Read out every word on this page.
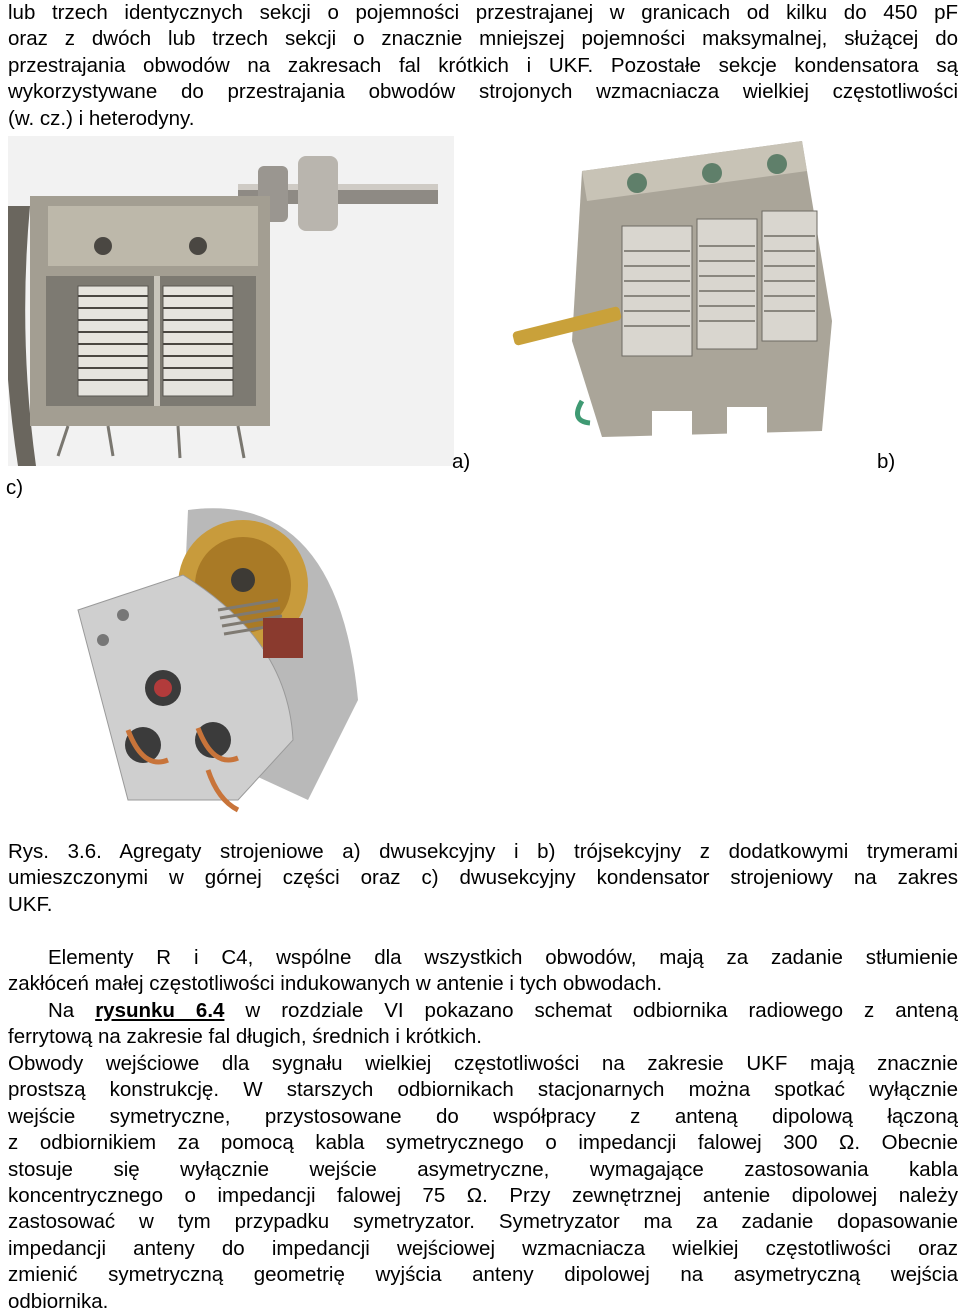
lub trzech identycznych sekcji o pojemności przestrajanej w granicach od kilku do 450 pF
oraz z dwóch lub trzech sekcji o znacznie mniejszej pojemności maksymalnej, służącej do
przestrajania obwodów na zakresach fal krótkich i UKF. Pozostałe sekcje kondensatora są
wykorzystywane do przestrajania obwodów strojonych wzmacniacza wielkiej częstotliwości
(w. cz.) i heterodyny.
a)	b)
c)
Rys. 3.6. Agregaty strojeniowe a) dwusekcyjny i b) trójsekcyjny z dodatkowymi trymerami
umieszczonymi w górnej części oraz c) dwusekcyjny kondensator strojeniowy na zakres
UKF.
Elementy R i C4, wspólne dla wszystkich obwodów, mają za zadanie stłumienie
zakłóceń małej częstotliwości indukowanych w antenie i tych obwodach.
Na rysunku 6.4 w rozdziale VI pokazano schemat odbiornika radiowego z anteną
ferrytową na zakresie fal długich, średnich i krótkich.
Obwody wejściowe dla sygnału wielkiej częstotliwości na zakresie UKF mają znacznie
prostszą konstrukcję. W starszych odbiornikach stacjonarnych można spotkać wyłącznie
wejście symetryczne, przystosowane do współpracy z anteną dipolową łączoną
z odbiornikiem za pomocą kabla symetrycznego o impedancji falowej 300 Ω. Obecnie
stosuje się wyłącznie wejście asymetryczne, wymagające zastosowania kabla
koncentrycznego o impedancji falowej 75 Ω. Przy zewnętrznej antenie dipolowej należy
zastosować w tym przypadku symetryzator. Symetryzator ma za zadanie dopasowanie
impedancji anteny do impedancji wejściowej wzmacniacza wielkiej częstotliwości oraz
zmienić symetryczną geometrię wyjścia anteny dipolowej na asymetryczną wejścia
odbiornika.
